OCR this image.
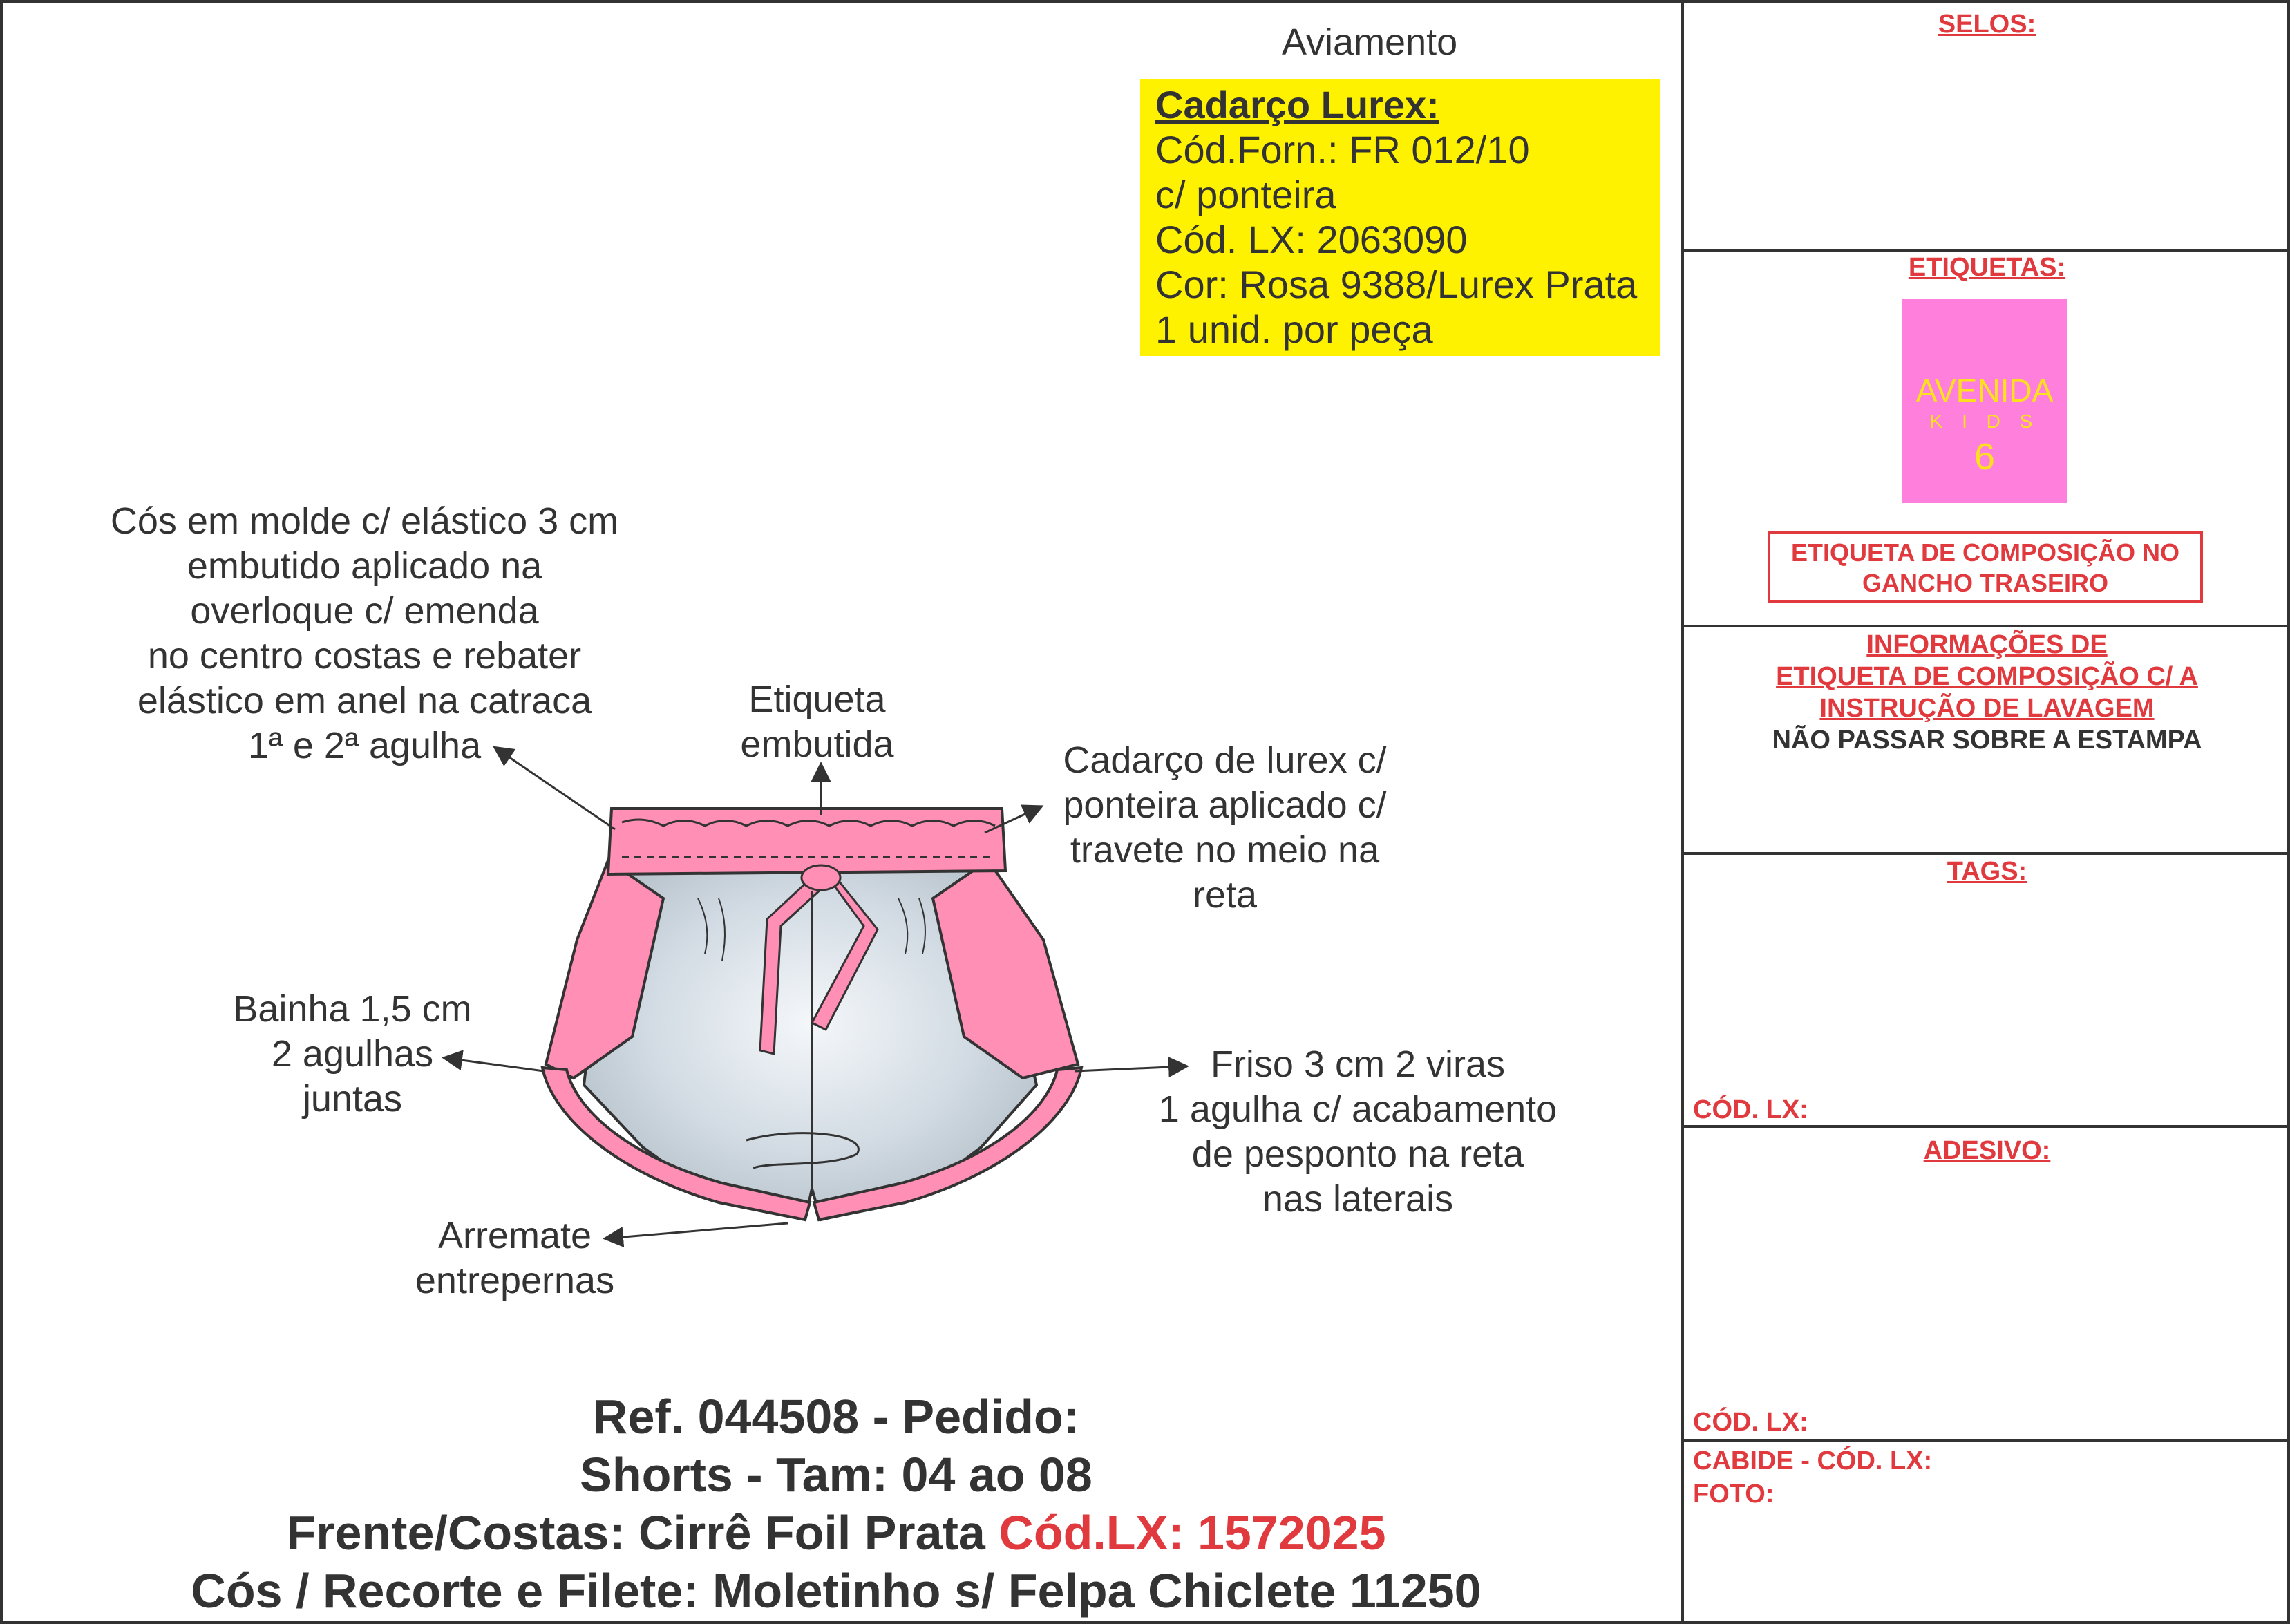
Aviamento
Cadarço Lurex:
Cód.Forn.: FR 012/10
c/ ponteira
Cód. LX: 2063090
Cor: Rosa 9388/Lurex Prata
1 unid. por peça
Cós em molde c/ elástico 3 cm
embutido aplicado na
overloque c/ emenda
no centro costas e rebater
elástico em anel na catraca
1ª e 2ª agulha
Etiqueta
embutida	Cadarço de lurex c/
ponteira aplicado c/
travete no meio na
reta
Bainha 1,5 cm
2 agulhas
juntas
Friso 3 cm 2 viras
1 agulha c/ acabamento
de pesponto na reta
nas laterais
Arremate
entrepernas
Ref. 044508 - Pedido:
Shorts - Tam: 04 ao 08
Frente/Costas: Cirrê Foil Prata Cód.LX: 1572025
Cós / Recorte e Filete: Moletinho s/ Felpa Chiclete 11250
SELOS:
ETIQUETAS:
AVENIDA
K I D S
6
ETIQUETA DE COMPOSIÇÃO NO
GANCHO TRASEIRO
INFORMAÇÕES DE
ETIQUETA DE COMPOSIÇÃO C/ A
INSTRUÇÃO DE LAVAGEM
NÃO PASSAR SOBRE A ESTAMPA
TAGS:
CÓD. LX:
ADESIVO:
CÓD. LX:
CABIDE - CÓD. LX:
FOTO:
